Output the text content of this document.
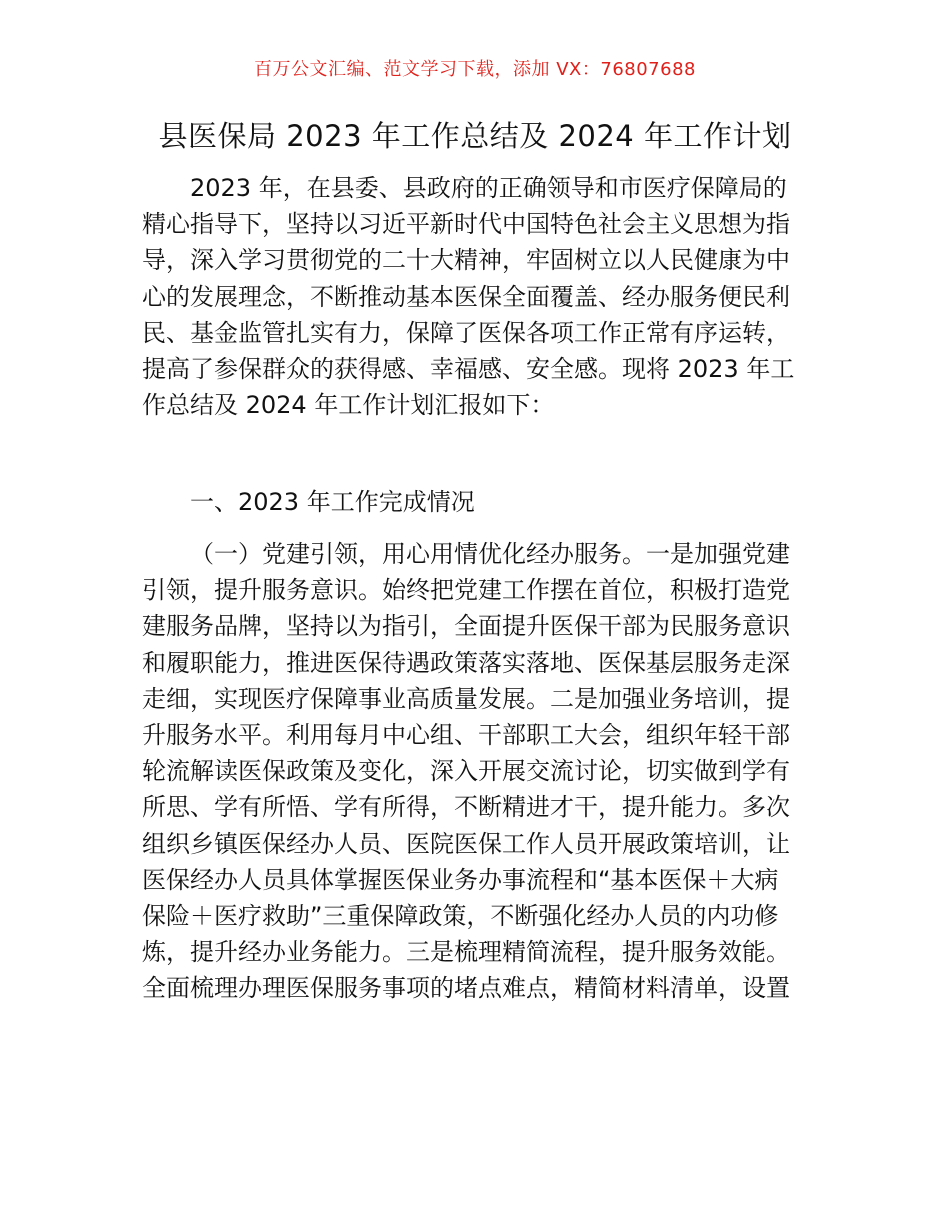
百万公文汇编、范文学习下载，添加 VX：76807688
县医保局 2023 年工作总结及 2024 年工作计划
2023 年，在县委、县政府的正确领导和市医疗保障局的
精心指导下，坚持以习近平新时代中国特色社会主义思想为指
导，深入学习贯彻党的二十大精神，牢固树立以人民健康为中
心的发展理念，不断推动基本医保全面覆盖、经办服务便民利
民、基金监管扎实有力，保障了医保各项工作正常有序运转，
提高了参保群众的获得感、幸福感、安全感。现将 2023 年工
作总结及 2024 年工作计划汇报如下：
一、2023 年工作完成情况
（一）党建引领，用心用情优化经办服务。一是加强党建
引领，提升服务意识。始终把党建工作摆在首位，积极打造党
建服务品牌，坚持以为指引，全面提升医保干部为民服务意识
和履职能力，推进医保待遇政策落实落地、医保基层服务走深
走细，实现医疗保障事业高质量发展。二是加强业务培训，提
升服务水平。利用每月中心组、干部职工大会，组织年轻干部
轮流解读医保政策及变化，深入开展交流讨论，切实做到学有
所思、学有所悟、学有所得，不断精进才干，提升能力。多次
组织乡镇医保经办人员、医院医保工作人员开展政策培训，让
医保经办人员具体掌握医保业务办事流程和“基本医保＋大病
保险＋医疗救助”三重保障政策，不断强化经办人员的内功修
炼，提升经办业务能力。三是梳理精简流程，提升服务效能。
全面梳理办理医保服务事项的堵点难点，精简材料清单，设置
